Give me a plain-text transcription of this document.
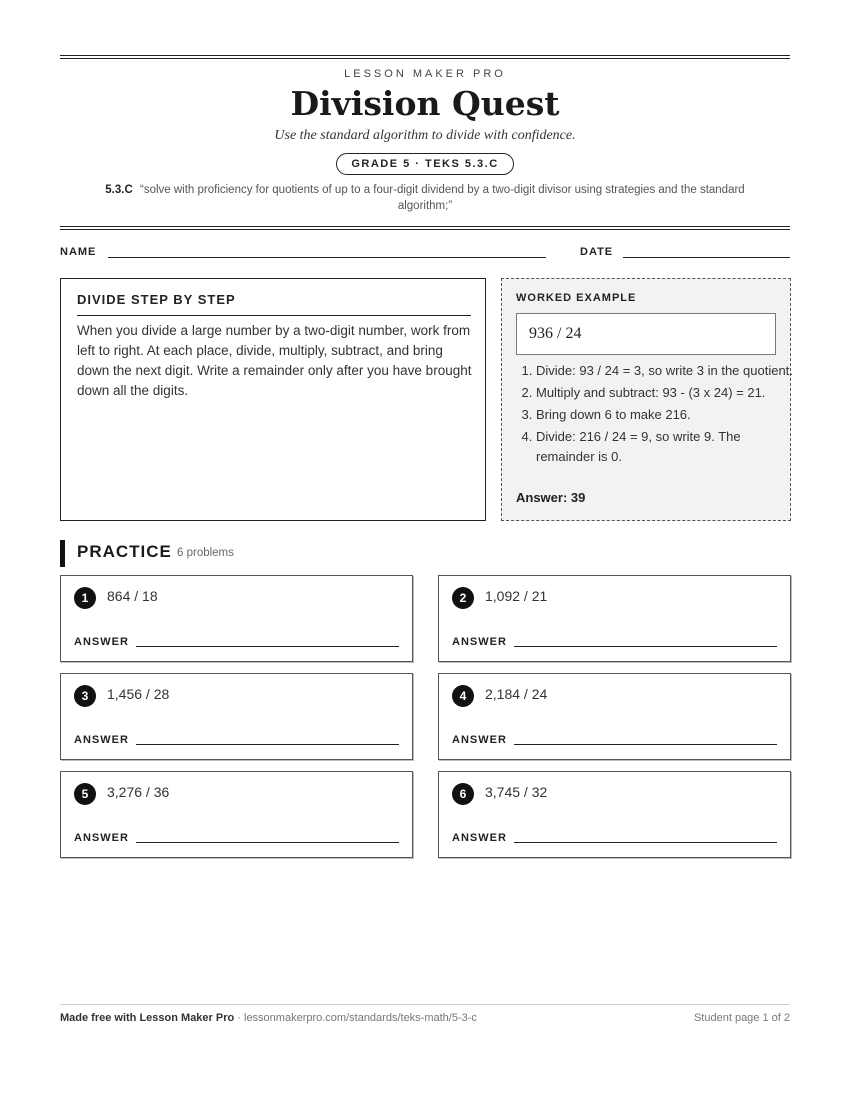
LESSON MAKER PRO
Division Quest
Use the standard algorithm to divide with confidence.
GRADE 5 · TEKS 5.3.C
5.3.C “solve with proficiency for quotients of up to a four-digit dividend by a two-digit divisor using strategies and the standard algorithm;”
NAME	DATE
DIVIDE STEP BY STEP
When you divide a large number by a two-digit number, work from left to right. At each place, divide, multiply, subtract, and bring down the next digit. Write a remainder only after you have brought down all the digits.
WORKED EXAMPLE
936 / 24
1. Divide: 93 / 24 = 3, so write 3 in the quotient.
2. Multiply and subtract: 93 - (3 x 24) = 21.
3. Bring down 6 to make 216.
4. Divide: 216 / 24 = 9, so write 9. The remainder is 0.
Answer: 39
PRACTICE 6 problems
1	864 / 18
ANSWER
2	1,092 / 21
ANSWER
3	1,456 / 28
ANSWER
4	2,184 / 24
ANSWER
5	3,276 / 36
ANSWER
6	3,745 / 32
ANSWER
Made free with Lesson Maker Pro · lessonmakerpro.com/standards/teks-math/5-3-c	Student page 1 of 2
